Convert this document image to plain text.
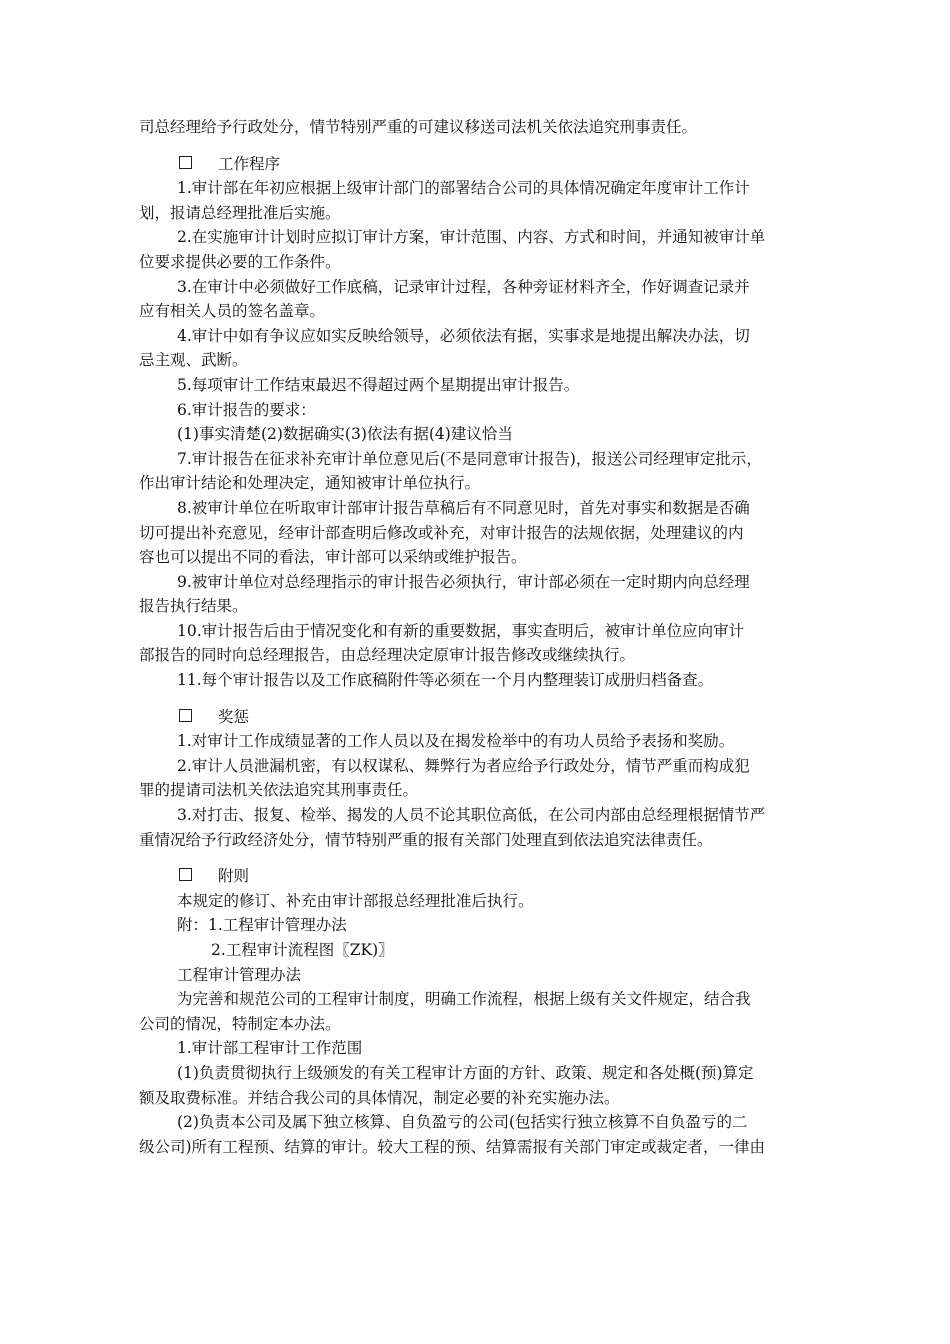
司总经理给予行政处分，情节特别严重的可建议移送司法机关依法追究刑事责任。
工作程序
1.审计部在年初应根据上级审计部门的部署结合公司的具体情况确定年度审计工作计
划，报请总经理批准后实施。
2.在实施审计计划时应拟订审计方案，审计范围、内容、方式和时间，并通知被审计单
位要求提供必要的工作条件。
3.在审计中必须做好工作底稿，记录审计过程，各种旁证材料齐全，作好调查记录并
应有相关人员的签名盖章。
4.审计中如有争议应如实反映给领导，必须依法有据，实事求是地提出解决办法，切
忌主观、武断。
5.每项审计工作结束最迟不得超过两个星期提出审计报告。
6.审计报告的要求：
(1)事实清楚(2)数据确实(3)依法有据(4)建议恰当
7.审计报告在征求补充审计单位意见后(不是同意审计报告)，报送公司经理审定批示，
作出审计结论和处理决定，通知被审计单位执行。
8.被审计单位在听取审计部审计报告草稿后有不同意见时，首先对事实和数据是否确
切可提出补充意见，经审计部查明后修改或补充，对审计报告的法规依据，处理建议的内
容也可以提出不同的看法，审计部可以采纳或维护报告。
9.被审计单位对总经理指示的审计报告必须执行，审计部必须在一定时期内向总经理
报告执行结果。
10.审计报告后由于情况变化和有新的重要数据，事实查明后，被审计单位应向审计
部报告的同时向总经理报告，由总经理决定原审计报告修改或继续执行。
11.每个审计报告以及工作底稿附件等必须在一个月内整理装订成册归档备查。
奖惩
1.对审计工作成绩显著的工作人员以及在揭发检举中的有功人员给予表扬和奖励。
2.审计人员泄漏机密，有以权谋私、舞弊行为者应给予行政处分，情节严重而构成犯
罪的提请司法机关依法追究其刑事责任。
3.对打击、报复、检举、揭发的人员不论其职位高低，在公司内部由总经理根据情节严
重情况给予行政经济处分，情节特别严重的报有关部门处理直到依法追究法律责任。
附则
本规定的修订、补充由审计部报总经理批准后执行。
附：1.工程审计管理办法
2.工程审计流程图〖ZK)〗
工程审计管理办法
为完善和规范公司的工程审计制度，明确工作流程，根据上级有关文件规定，结合我
公司的情况，特制定本办法。
1.审计部工程审计工作范围
(1)负责贯彻执行上级颁发的有关工程审计方面的方针、政策、规定和各处概(预)算定
额及取费标准。并结合我公司的具体情况，制定必要的补充实施办法。
(2)负责本公司及属下独立核算、自负盈亏的公司(包括实行独立核算不自负盈亏的二
级公司)所有工程预、结算的审计。较大工程的预、结算需报有关部门审定或裁定者，一律由
